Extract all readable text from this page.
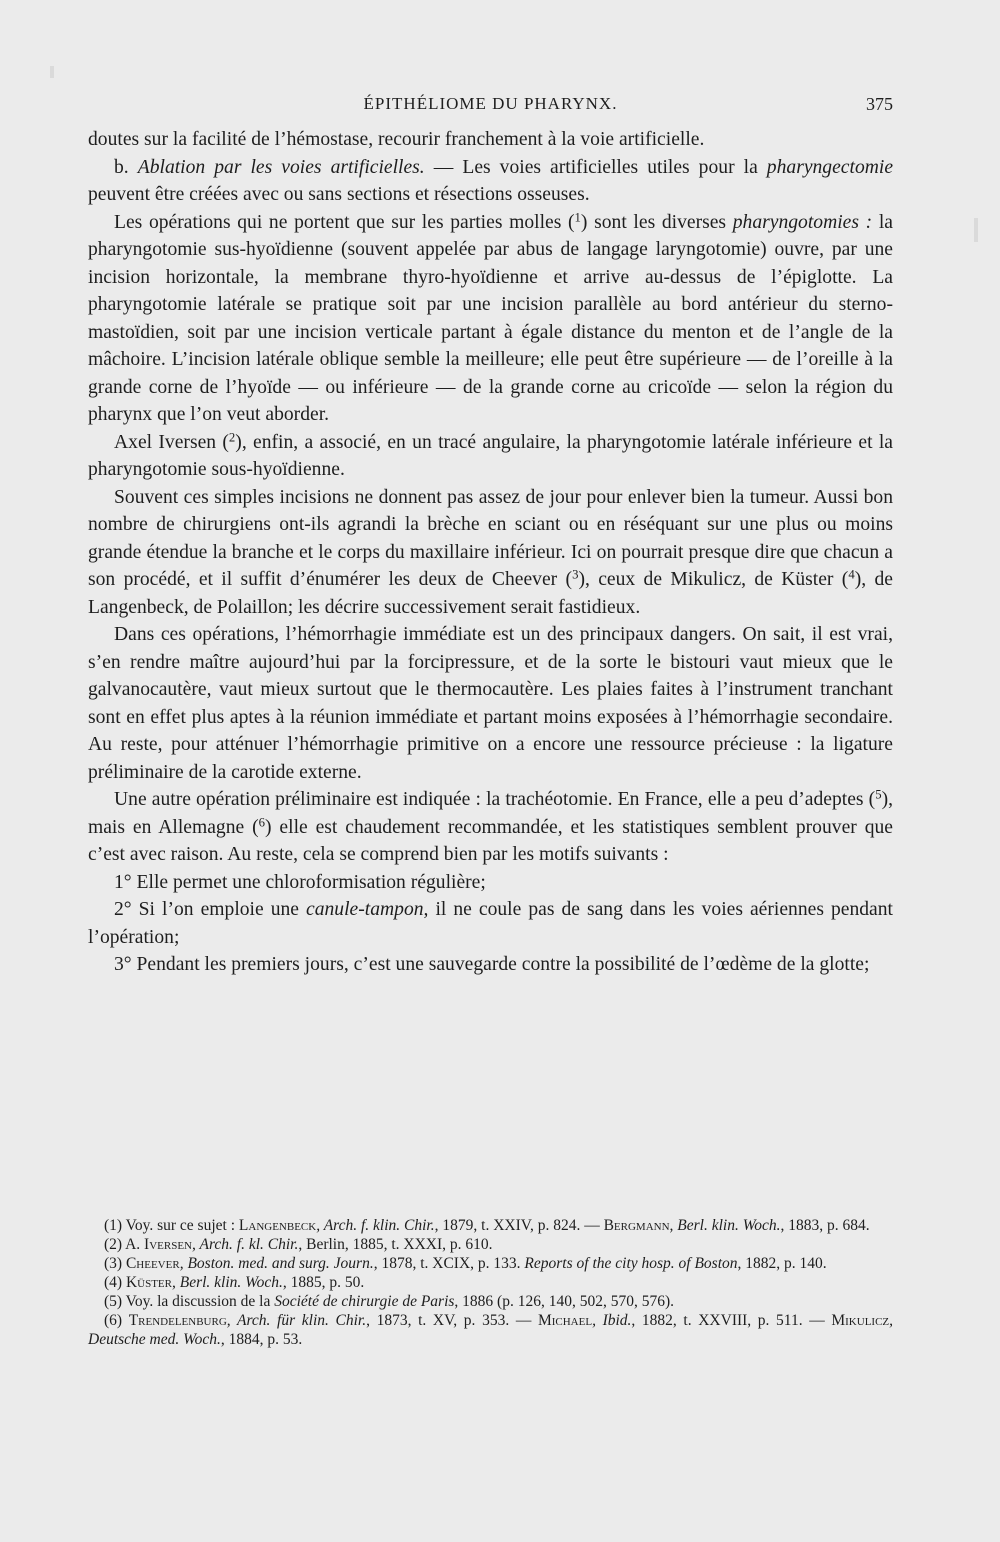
ÉPITHÉLIOME DU PHARYNX.	375

doutes sur la facilité de l’hémostase, recourir franchement à la voie artificielle.

b. Ablation par les voies artificielles. — Les voies artificielles utiles pour la pharyngectomie peuvent être créées avec ou sans sections et résections osseuses.

Les opérations qui ne portent que sur les parties molles ($^1$) sont les diverses pharyngotomies : la pharyngotomie sus-hyoïdienne (souvent appelée par abus de langage laryngotomie) ouvre, par une incision horizontale, la membrane thyro-hyoïdienne et arrive au-dessus de l’épiglotte. La pharyngotomie latérale se pratique soit par une incision parallèle au bord antérieur du sterno-mastoïdien, soit par une incision verticale partant à égale distance du menton et de l’angle de la mâchoire. L’incision latérale oblique semble la meilleure; elle peut être supérieure — de l’oreille à la grande corne de l’hyoïde — ou inférieure — de la grande corne au cricoïde — selon la région du pharynx que l’on veut aborder.

Axel Iversen ($^2$), enfin, a associé, en un tracé angulaire, la pharyngotomie latérale inférieure et la pharyngotomie sous-hyoïdienne.

Souvent ces simples incisions ne donnent pas assez de jour pour enlever bien la tumeur. Aussi bon nombre de chirurgiens ont-ils agrandi la brèche en sciant ou en réséquant sur une plus ou moins grande étendue la branche et le corps du maxillaire inférieur. Ici on pourrait presque dire que chacun a son procédé, et il suffit d’énumérer les deux de Cheever ($^3$), ceux de Mikulicz, de Küster ($^4$), de Langenbeck, de Polaillon; les décrire successivement serait fastidieux.

Dans ces opérations, l’hémorrhagie immédiate est un des principaux dangers. On sait, il est vrai, s’en rendre maître aujourd’hui par la forcipressure, et de la sorte le bistouri vaut mieux que le galvanocautère, vaut mieux surtout que le thermocautère. Les plaies faites à l’instrument tranchant sont en effet plus aptes à la réunion immédiate et partant moins exposées à l’hémorrhagie secondaire. Au reste, pour atténuer l’hémorrhagie primitive on a encore une ressource précieuse : la ligature préliminaire de la carotide externe.

Une autre opération préliminaire est indiquée : la trachéotomie. En France, elle a peu d’adeptes ($^5$), mais en Allemagne ($^6$) elle est chaudement recommandée, et les statistiques semblent prouver que c’est avec raison. Au reste, cela se comprend bien par les motifs suivants :

1° Elle permet une chloroformisation régulière;

2° Si l’on emploie une canule-tampon, il ne coule pas de sang dans les voies aériennes pendant l’opération;

3° Pendant les premiers jours, c’est une sauvegarde contre la possibilité de l’œdème de la glotte;

(1) Voy. sur ce sujet : Langenbeck, Arch. f. klin. Chir., 1879, t. XXIV, p. 824. — Bergmann, Berl. klin. Woch., 1883, p. 684.

(2) A. Iversen, Arch. f. kl. Chir., Berlin, 1885, t. XXXI, p. 610.

(3) Cheever, Boston. med. and surg. Journ., 1878, t. XCIX, p. 133. Reports of the city hosp. of Boston, 1882, p. 140.

(4) Küster, Berl. klin. Woch., 1885, p. 50.

(5) Voy. la discussion de la Société de chirurgie de Paris, 1886 (p. 126, 140, 502, 570, 576).

(6) Trendelenburg, Arch. für klin. Chir., 1873, t. XV, p. 353. — Michael, Ibid., 1882, t. XXVIII, p. 511. — Mikulicz, Deutsche med. Woch., 1884, p. 53.
